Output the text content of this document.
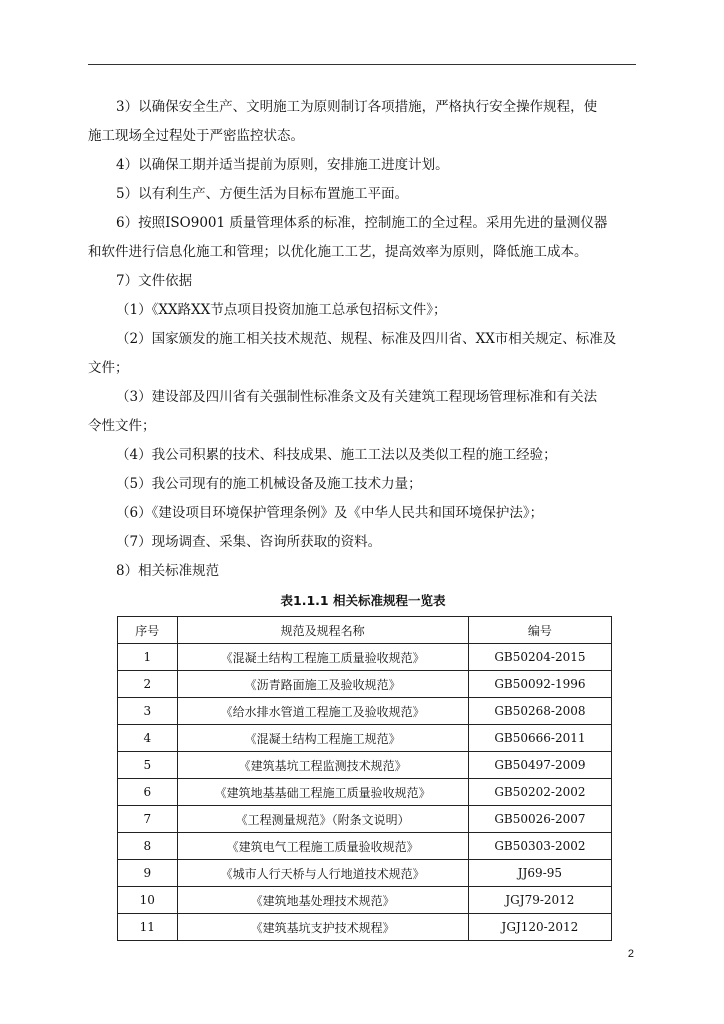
3）以确保安全生产、文明施工为原则制订各项措施，严格执行安全操作规程，使

施工现场全过程处于严密监控状态。

4）以确保工期并适当提前为原则，安排施工进度计划。

5）以有利生产、方便生活为目标布置施工平面。

6）按照ISO9001 质量管理体系的标准，控制施工的全过程。采用先进的量测仪器

和软件进行信息化施工和管理；以优化施工工艺，提高效率为原则，降低施工成本。

7）文件依据

（1）《XX路XX节点项目投资加施工总承包招标文件》；

（2）国家颁发的施工相关技术规范、规程、标准及四川省、XX市相关规定、标准及

文件；

（3）建设部及四川省有关强制性标准条文及有关建筑工程现场管理标准和有关法

令性文件；

（4）我公司积累的技术、科技成果、施工工法以及类似工程的施工经验；

（5）我公司现有的施工机械设备及施工技术力量；

（6）《建设项目环境保护管理条例》及《中华人民共和国环境保护法》；

（7）现场调查、采集、咨询所获取的资料。

8）相关标准规范

表1.1.1 相关标准规程一览表
序号	规范及规程名称	编号
1	《混凝土结构工程施工质量验收规范》	GB50204-2015
2	《沥青路面施工及验收规范》	GB50092-1996
3	《给水排水管道工程施工及验收规范》	GB50268-2008
4	《混凝土结构工程施工规范》	GB50666-2011
5	《建筑基坑工程监测技术规范》	GB50497-2009
6	《建筑地基基础工程施工质量验收规范》	GB50202-2002
7	《工程测量规范》（附条文说明）	GB50026-2007
8	《建筑电气工程施工质量验收规范》	GB50303-2002
9	《城市人行天桥与人行地道技术规范》	JJ69-95
10	《建筑地基处理技术规范》	JGJ79-2012
11	《建筑基坑支护技术规程》	JGJ120-2012
2
